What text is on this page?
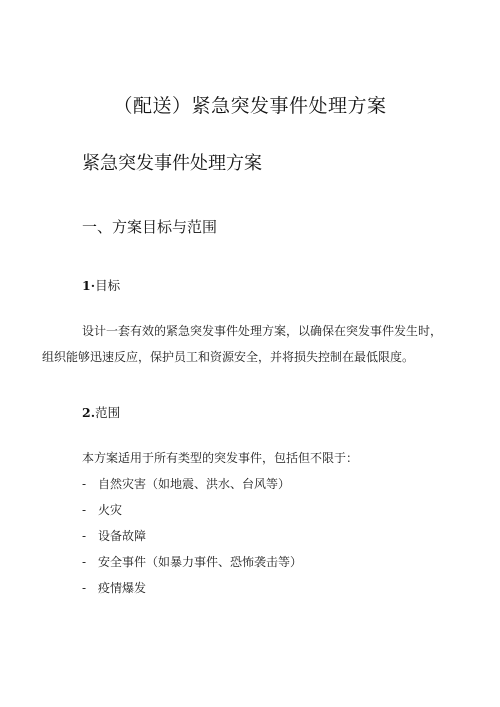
（配送）紧急突发事件处理方案
紧急突发事件处理方案
一、方案目标与范围
1·目标
设计一套有效的紧急突发事件处理方案，以确保在突发事件发生时，
组织能够迅速反应，保护员工和资源安全，并将损失控制在最低限度。
2.范围
本方案适用于所有类型的突发事件，包括但不限于：
- 自然灾害（如地震、洪水、台风等）
- 火灾
- 设备故障
- 安全事件（如暴力事件、恐怖袭击等）
- 疫情爆发
